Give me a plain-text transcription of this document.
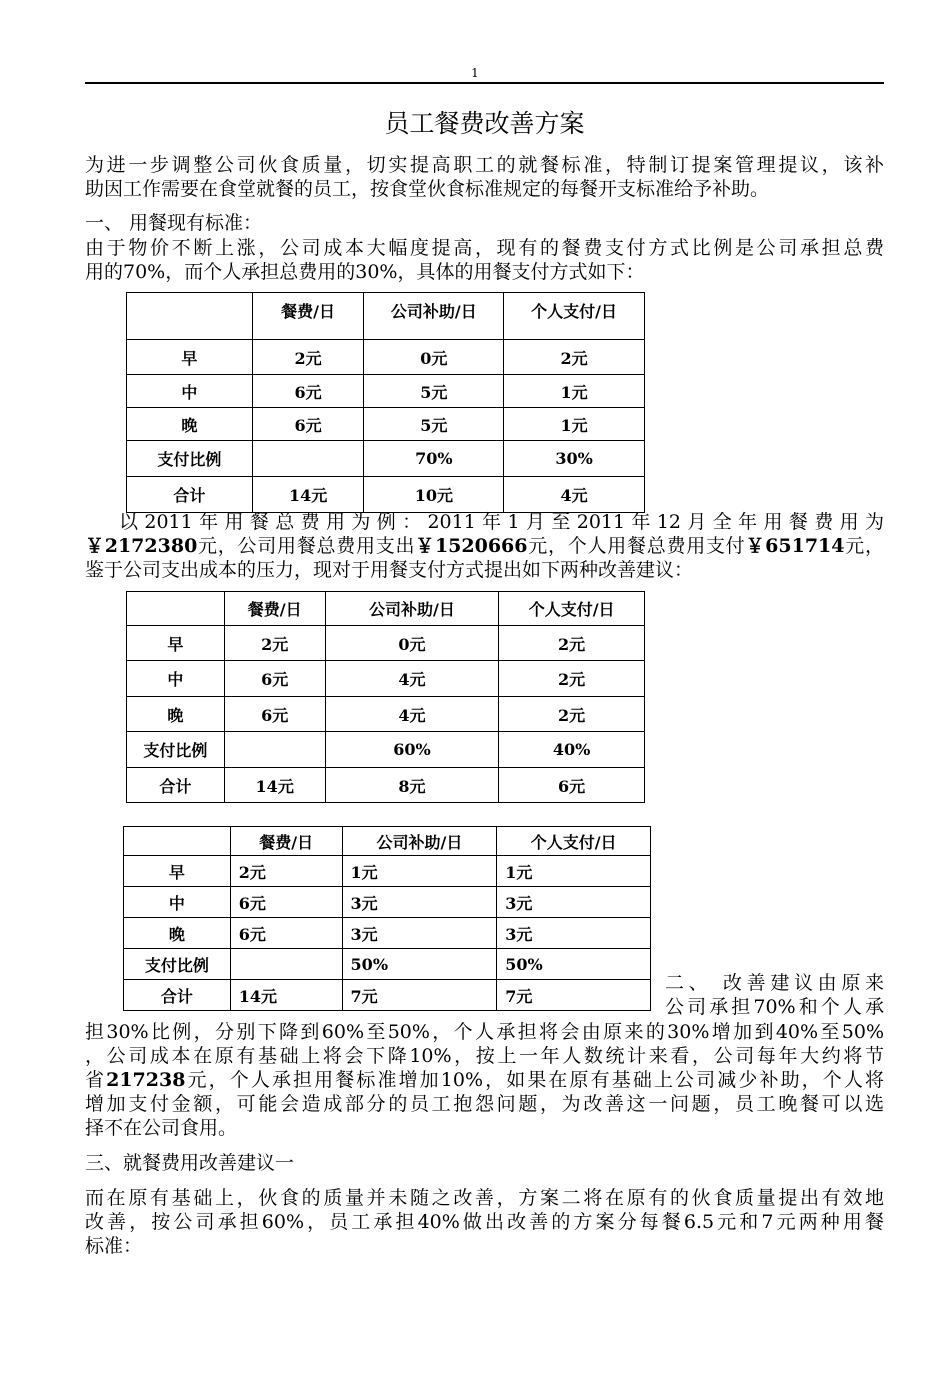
1
员工餐费改善方案
为进一步调整公司伙食质量，切实提高职工的就餐标准，特制订提案管理提议，该补
助因工作需要在食堂就餐的员工，按食堂伙食标准规定的每餐开支标准给予补助。
一、 用餐现有标准：
由于物价不断上涨，公司成本大幅度提高，现有的餐费支付方式比例是公司承担总费
用的70%，而个人承担总费用的30%，具体的用餐支付方式如下：
	餐费/日	公司补助/日	个人支付/日
早	2元	0元	2元
中	6元	5元	1元
晚	6元	5元	1元
支付比例		70%	30%
合计	14元	10元	4元
以2011年用餐总费用为例：2011年1月至2011年12月全年用餐费用为
￥2172380元，公司用餐总费用支出￥1520666元，个人用餐总费用支付￥651714元，
鉴于公司支出成本的压力，现对于用餐支付方式提出如下两种改善建议：
	餐费/日	公司补助/日	个人支付/日
早	2元	0元	2元
中	6元	4元	2元
晚	6元	4元	2元
支付比例		60%	40%
合计	14元	8元	6元
	餐费/日	公司补助/日	个人支付/日
早	2元	1元	1元
中	6元	3元	3元
晚	6元	3元	3元
支付比例		50%	50%
合计	14元	7元	7元
二、 改善建议由原来
公司承担70%和个人承
担30%比例，分别下降到60%至50%，个人承担将会由原来的30%增加到40%至50%
，公司成本在原有基础上将会下降10%，按上一年人数统计来看，公司每年大约将节
省217238元，个人承担用餐标准增加10%，如果在原有基础上公司减少补助，个人将
增加支付金额，可能会造成部分的员工抱怨问题，为改善这一问题，员工晚餐可以选
择不在公司食用。
三、就餐费用改善建议一
而在原有基础上，伙食的质量并未随之改善，方案二将在原有的伙食质量提出有效地
改善，按公司承担60%，员工承担40%做出改善的方案分每餐6.5元和7元两种用餐
标准：
